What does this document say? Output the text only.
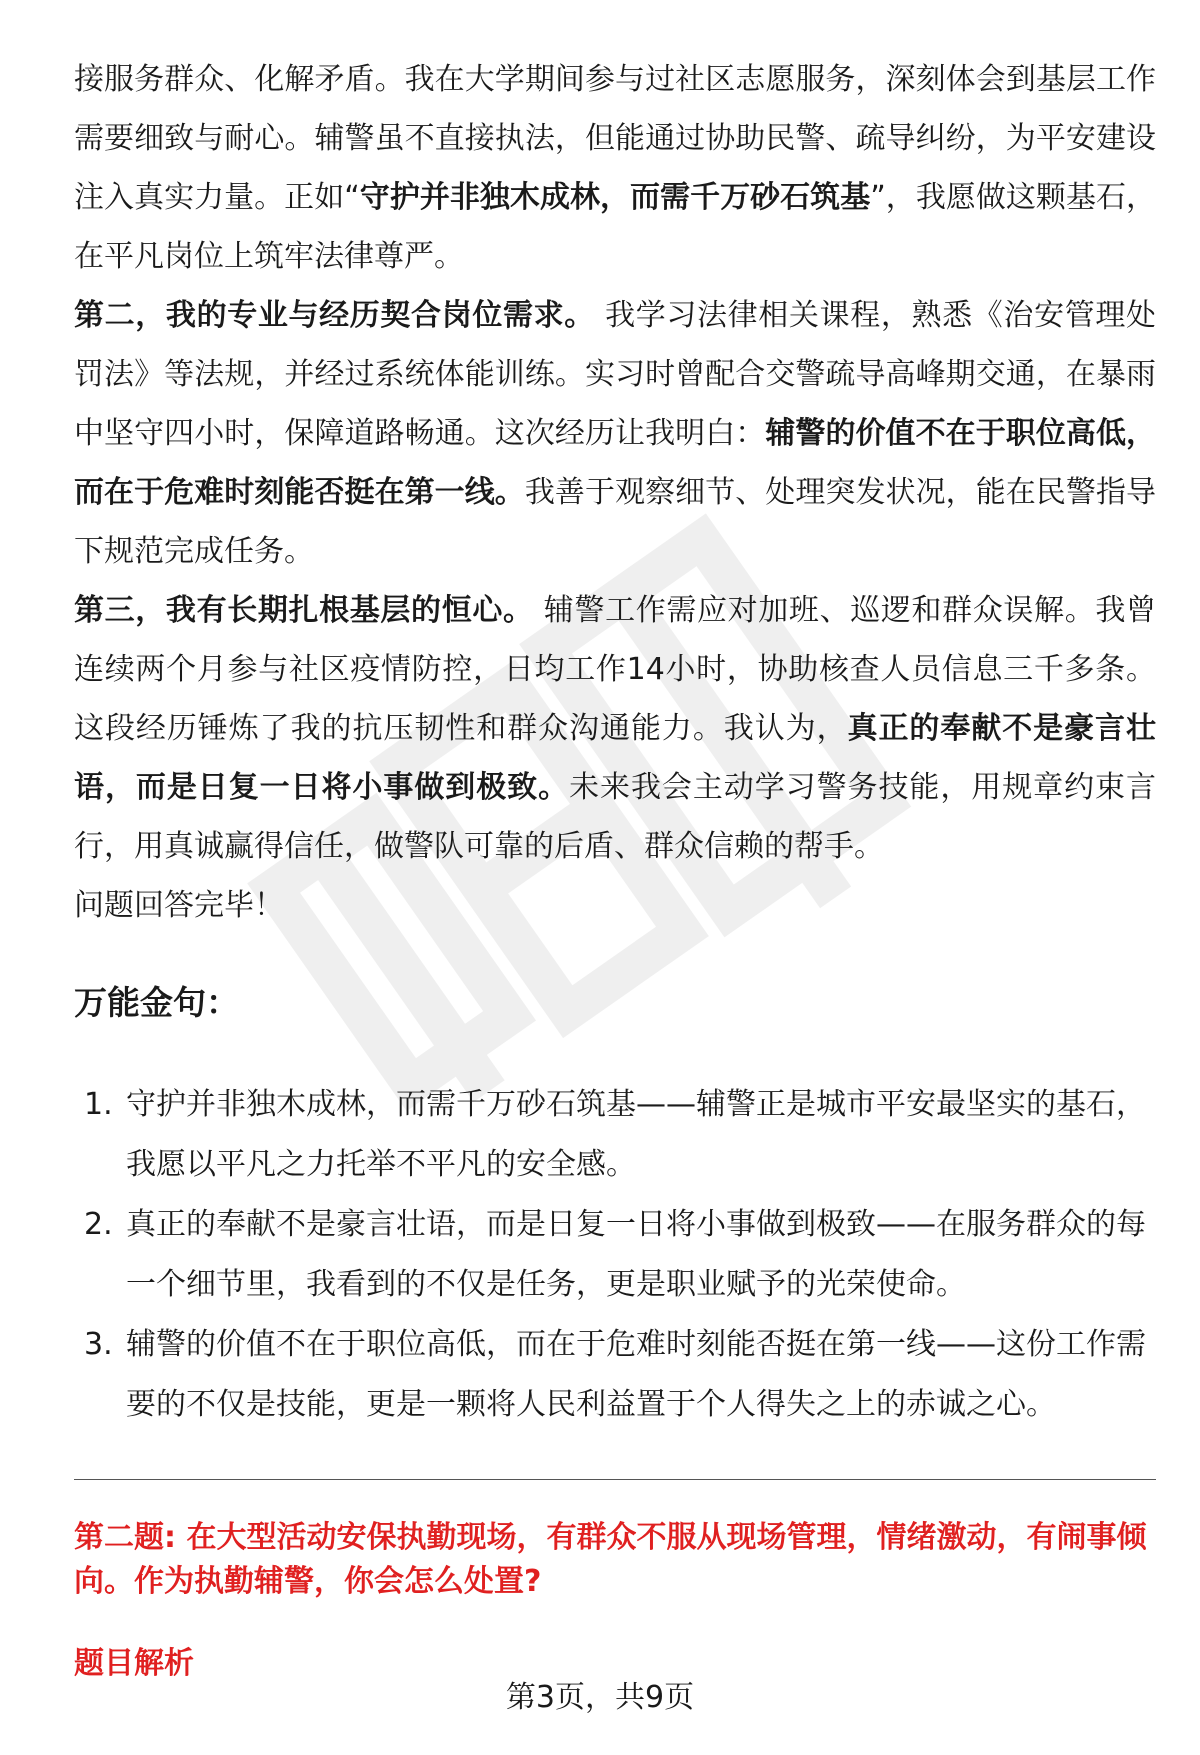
接服务群众、化解矛盾。我在大学期间参与过社区志愿服务，深刻体会到基层工作需要细致与耐心。辅警虽不直接执法，但能通过协助民警、疏导纠纷，为平安建设注入真实力量。正如“守护并非独木成林，而需千万砂石筑基”，我愿做这颗基石，在平凡岗位上筑牢法律尊严。

第二，我的专业与经历契合岗位需求。 我学习法律相关课程，熟悉《治安管理处罚法》等法规，并经过系统体能训练。实习时曾配合交警疏导高峰期交通，在暴雨中坚守四小时，保障道路畅通。这次经历让我明白：辅警的价值不在于职位高低，而在于危难时刻能否挺在第一线。我善于观察细节、处理突发状况，能在民警指导下规范完成任务。

第三，我有长期扎根基层的恒心。 辅警工作需应对加班、巡逻和群众误解。我曾连续两个月参与社区疫情防控，日均工作14小时，协助核查人员信息三千多条。这段经历锤炼了我的抗压韧性和群众沟通能力。我认为，真正的奉献不是豪言壮语，而是日复一日将小事做到极致。未来我会主动学习警务技能，用规章约束言行，用真诚赢得信任，做警队可靠的后盾、群众信赖的帮手。

问题回答完毕！

万能金句：
1. 守护并非独木成林，而需千万砂石筑基——辅警正是城市平安最坚实的基石，我愿以平凡之力托举不平凡的安全感。
2. 真正的奉献不是豪言壮语，而是日复一日将小事做到极致——在服务群众的每一个细节里，我看到的不仅是任务，更是职业赋予的光荣使命。
3. 辅警的价值不在于职位高低，而在于危难时刻能否挺在第一线——这份工作需要的不仅是技能，更是一颗将人民利益置于个人得失之上的赤诚之心。
第二题: 在大型活动安保执勤现场，有群众不服从现场管理，情绪激动，有闹事倾向。作为执勤辅警，你会怎么处置?
题目解析
第3页，共9页
